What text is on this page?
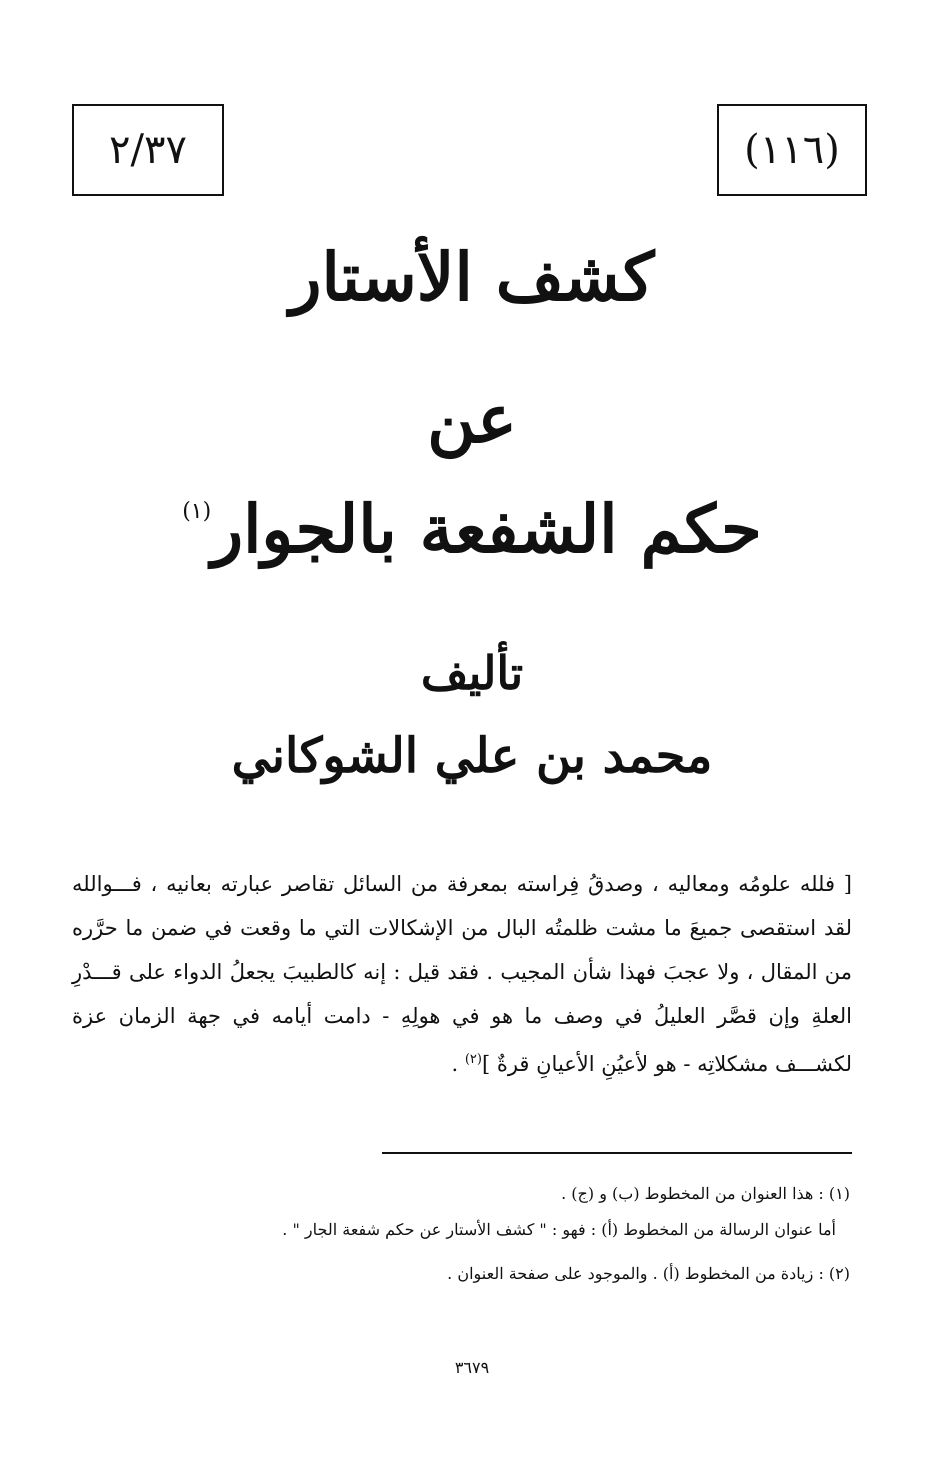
٢/٣٧	(١١٦)
كشف الأستار
عن
حكم الشفعة بالجوار$^{(١)}$
تأليف
محمد بن علي الشوكاني
[ فلله علومُه ومعاليه ، وصدقُ فِراسته بمعرفة من السائل تقاصر عبارته بعانيه ، فـــوالله لقد استقصى جميعَ ما مشت ظلمتُه البال من الإشكالات التي ما وقعت في ضمن ما حرَّره من المقال ، ولا عجبَ فهذا شأن المجيب . فقد قيل : إنه كالطبيبَ يجعلُ الدواء على قـــدْرِ العلةِ وإن قصَّر العليلُ في وصف ما هو في هولِهِ - دامت أيامه في جهة الزمان عزة لكشـــف مشكلاتِه - هو لأعيُنِ الأعيانِ قرةٌ ]$^{(٢)}$ .
(١) : هذا العنوان من المخطوط (ب) و (ج) .
أما عنوان الرسالة من المخطوط (أ) : فهو : " كشف الأستار عن حكم شفعة الجار " .
(٢) : زيادة من المخطوط (أ) . والموجود على صفحة العنوان .
٣٦٧٩
